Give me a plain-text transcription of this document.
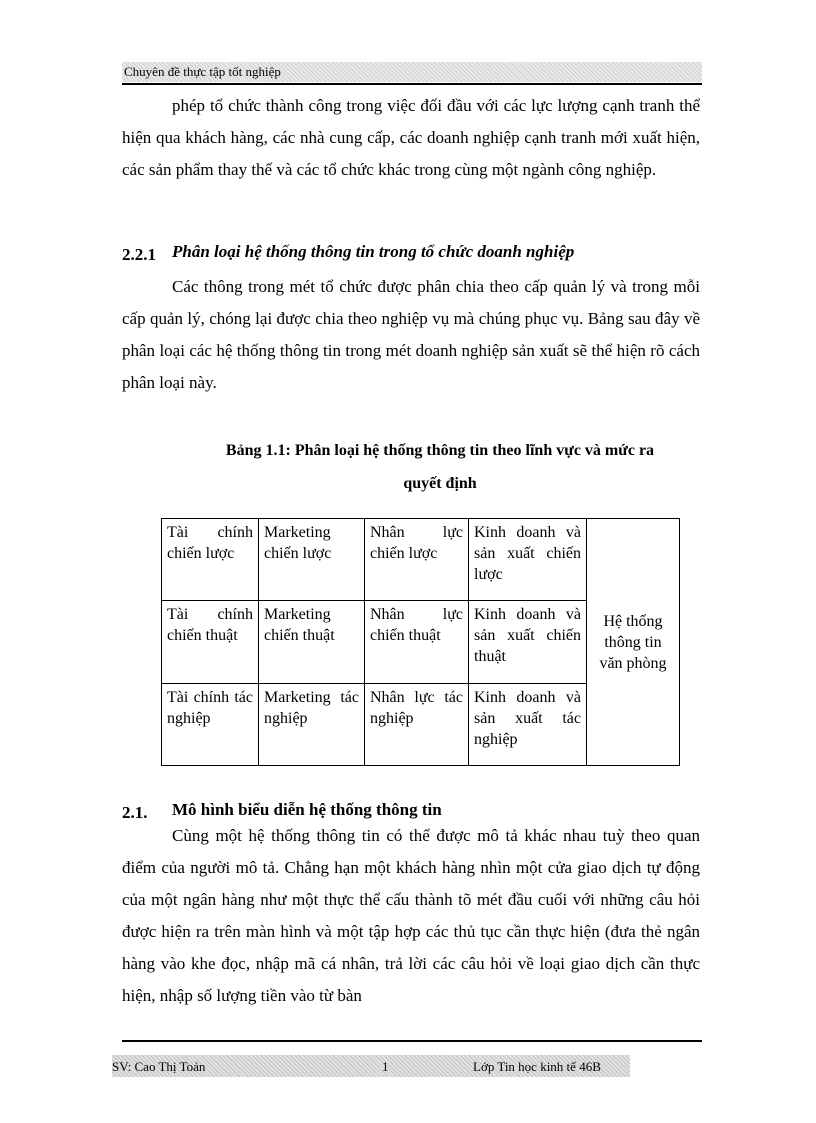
Chuyên đề thực tập tốt nghiệp

phép tổ chức thành công trong việc đối đầu với các lực lượng cạnh tranh thể hiện qua khách hàng, các nhà cung cấp, các doanh nghiệp cạnh tranh mới xuất hiện, các sản phẩm thay thế và các tổ chức khác trong cùng một ngành công nghiệp.

2.2.1 Phân loại hệ thống thông tin trong tổ chức doanh nghiệp

Các thông trong mét tổ chức được phân chia theo cấp quản lý và trong mỗi cấp quản lý, chóng lại được chia theo nghiệp vụ mà chúng phục vụ. Bảng sau đây về phân loại các hệ thống thông tin trong mét doanh nghiệp sản xuất sẽ thể hiện rõ cách phân loại này.

Bảng 1.1: Phân loại hệ thống thông tin theo lĩnh vực và mức ra
quyết định

Tài chính chiến lược	Marketing chiến lược	Nhân lực chiến lược	Kinh doanh và sản xuất chiến lược	Hệ thống thông tin văn phòng
Tài chính chiến thuật	Marketing chiến thuật	Nhân lực chiến thuật	Kinh doanh và sản xuất chiến thuật	
Tài chính tác nghiệp	Marketing tác nghiệp	Nhân lực tác nghiệp	Kinh doanh và sản xuất tác nghiệp	
2.1. Mô hình biểu diễn hệ thống thông tin

Cùng một hệ thống thông tin có thể được mô tả khác nhau tuỳ theo quan điểm của người mô tả. Chẳng hạn một khách hàng nhìn một cửa giao dịch tự động của một ngân hàng như một thực thể cấu thành tõ mét đầu cuối với những câu hỏi được hiện ra trên màn hình và một tập hợp các thủ tục cần thực hiện (đưa thẻ ngân hàng vào khe đọc, nhập mã cá nhân, trả lời các câu hỏi về loại giao dịch cần thực hiện, nhập số lượng tiền vào từ bàn

SV: Cao Thị Toản	1	Lớp Tin học kinh tế 46B
